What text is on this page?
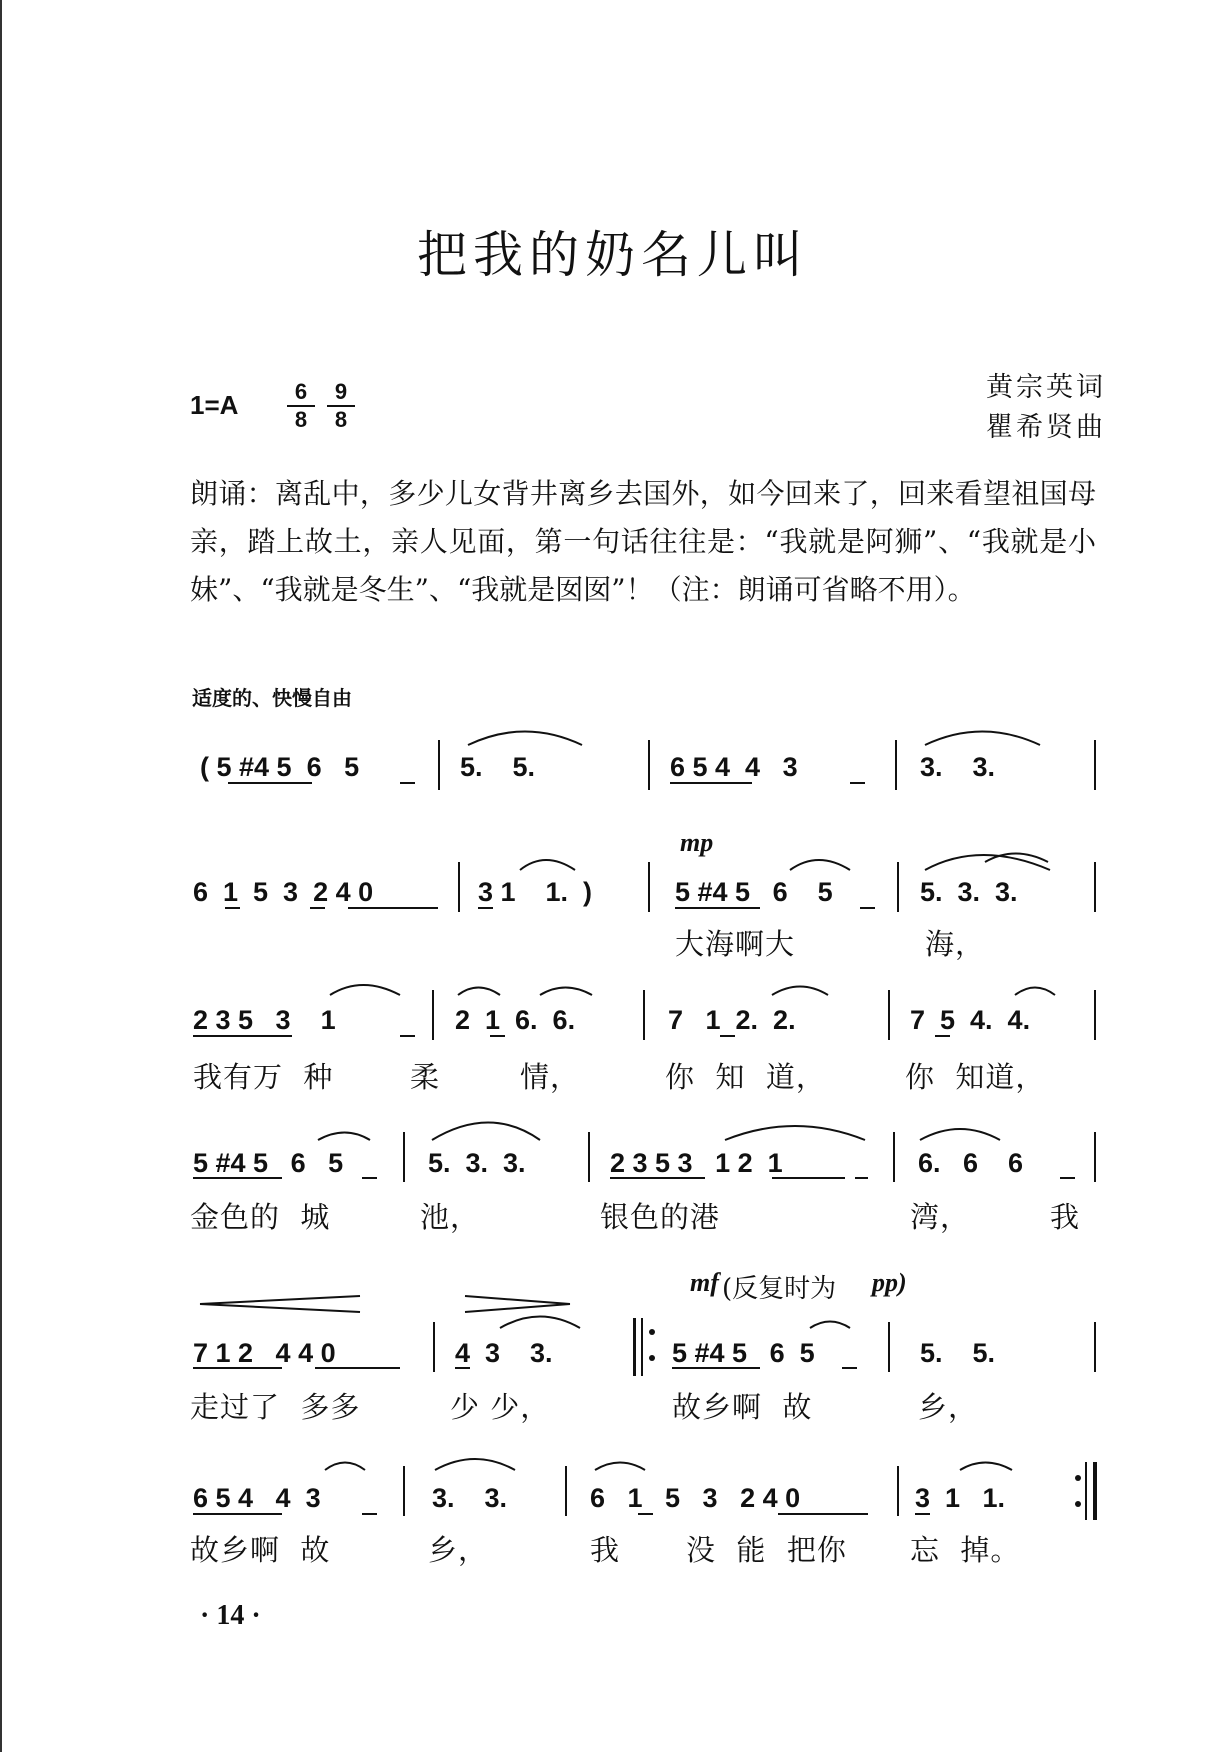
把我的奶名儿叫
1=A	6
8
9
8
黄宗英词
瞿希贤曲
朗诵：离乱中，多少儿女背井离乡去国外，如今回来了，回来看望祖国母亲，踏上故土，亲人见面，第一句话往往是：“我就是阿狮”、“我就是小妹”、“我就是冬生”、“我就是囡囡”！（注：朗诵可省略不用）。
适度的、快慢自由
( 5 #4 5  6   5	5.    5.	6 5 4  4   3	3.    3.
mp
6  1  5  3  2 4 0	3 1    1.  )	5 #4 5   6    5	5.  3.  3.
大海啊大	海，
2 3 5   3    1	2  1  6.  6.	7   1  2.  2.	7  5  4.  4.
我有万  种	柔	情，	你  知  道，	你  知道，
5 #4 5   6   5	5.  3.  3.	2 3 5 3   1 2  1	6.   6    6
金色的  城	池，	银色的港	湾，	我
mf (反复时为 pp)
7 1 2   4 4 0	4  3    3.	5 #4 5   6  5	5.    5.
走过了  多多	少 少，	故乡啊  故	乡，
6 5 4   4  3	3.    3.	6   1   5   3   2 4 0	3  1   1.
故乡啊  故	乡，	我 没  能  把你 忘  掉。
· 14 ·
